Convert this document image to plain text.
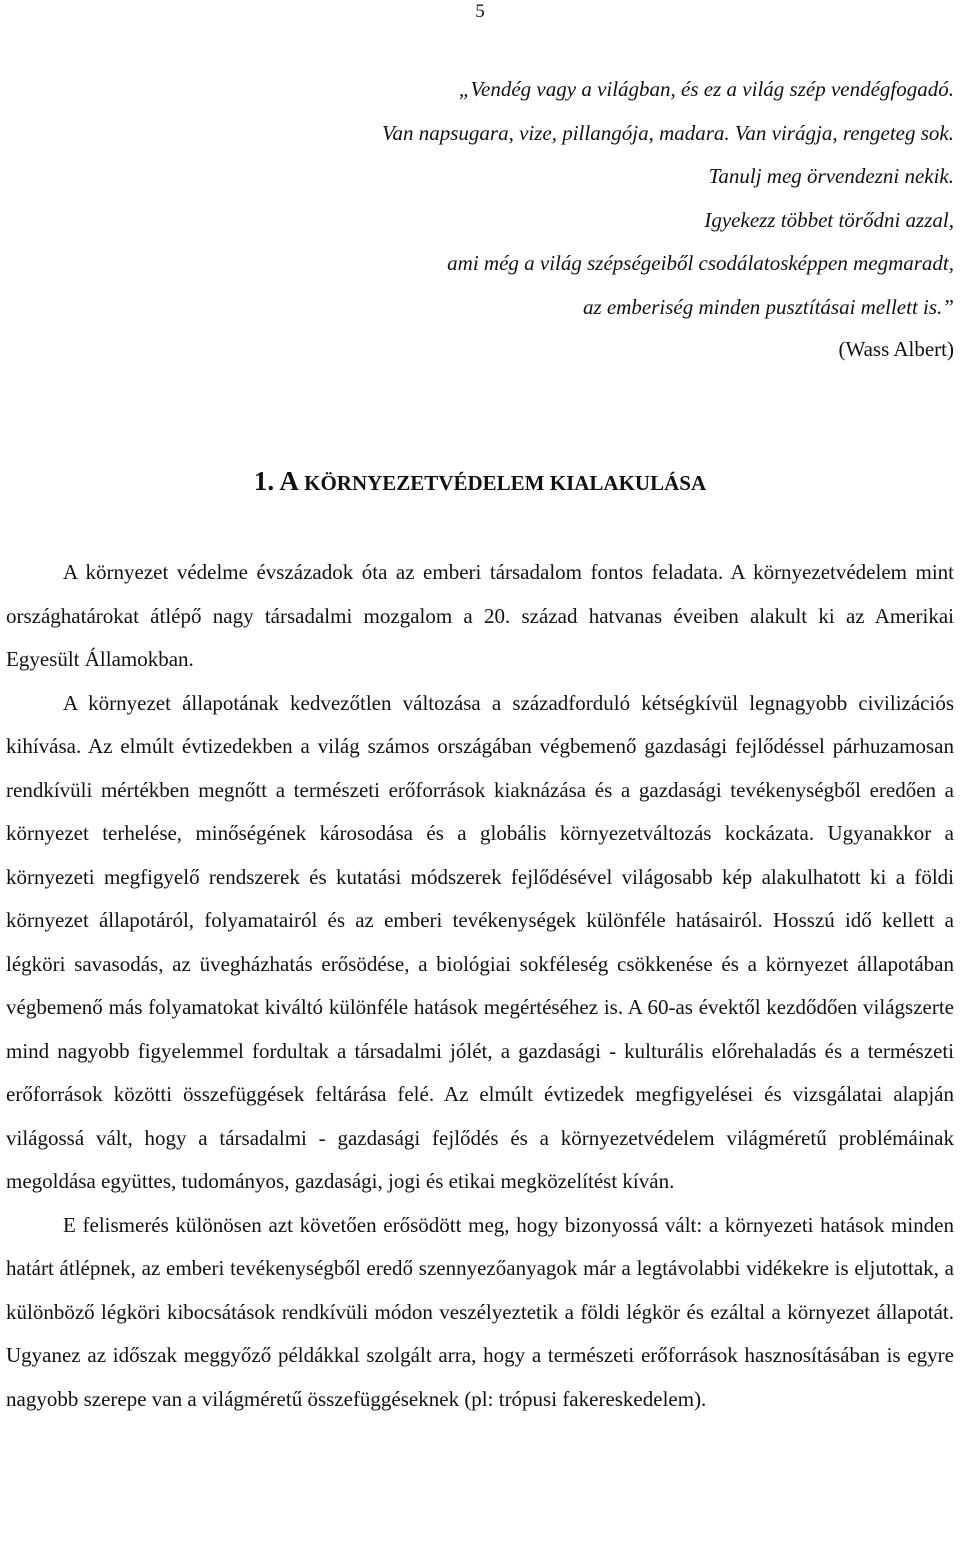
5
„Vendég vagy a világban, és ez a világ szép vendégfogadó.
Van napsugara, vize, pillangója, madara. Van virágja, rengeteg sok.
Tanulj meg örvendezni nekik.
Igyekezz többet törődni azzal,
ami még a világ szépségeiből csodálatosképpen megmaradt,
az emberiség minden pusztításai mellett is.”
(Wass Albert)
1. A KÖRNYEZETVÉDELEM KIALAKULÁSA

A környezet védelme évszázadok óta az emberi társadalom fontos feladata. A környezetvédelem mint országhatárokat átlépő nagy társadalmi mozgalom a 20. század hatvanas éveiben alakult ki az Amerikai Egyesült Államokban.

A környezet állapotának kedvezőtlen változása a századforduló kétségkívül legnagyobb civilizációs kihívása. Az elmúlt évtizedekben a világ számos országában végbemenő gazdasági fejlődéssel párhuzamosan rendkívüli mértékben megnőtt a természeti erőforrások kiaknázása és a gazdasági tevékenységből eredően a környezet terhelése, minőségének károsodása és a globális környezetváltozás kockázata. Ugyanakkor a környezeti megfigyelő rendszerek és kutatási módszerek fejlődésével világosabb kép alakulhatott ki a földi környezet állapotáról, folyamatairól és az emberi tevékenységek különféle hatásairól. Hosszú idő kellett a légköri savasodás, az üvegházhatás erősödése, a biológiai sokféleség csökkenése és a környezet állapotában végbemenő más folyamatokat kiváltó különféle hatások megértéséhez is. A 60-as évektől kezdődően világszerte mind nagyobb figyelemmel fordultak a társadalmi jólét, a gazdasági - kulturális előrehaladás és a természeti erőforrások közötti összefüggések feltárása felé. Az elmúlt évtizedek megfigyelései és vizsgálatai alapján világossá vált, hogy a társadalmi - gazdasági fejlődés és a környezetvédelem világméretű problémáinak megoldása együttes, tudományos, gazdasági, jogi és etikai megközelítést kíván.

E felismerés különösen azt követően erősödött meg, hogy bizonyossá vált: a környezeti hatások minden határt átlépnek, az emberi tevékenységből eredő szennyezőanyagok már a legtávolabbi vidékekre is eljutottak, a különböző légköri kibocsátások rendkívüli módon veszélyeztetik a földi légkör és ezáltal a környezet állapotát. Ugyanez az időszak meggyőző példákkal szolgált arra, hogy a természeti erőforrások hasznosításában is egyre nagyobb szerepe van a világméretű összefüggéseknek (pl: trópusi fakereskedelem).
